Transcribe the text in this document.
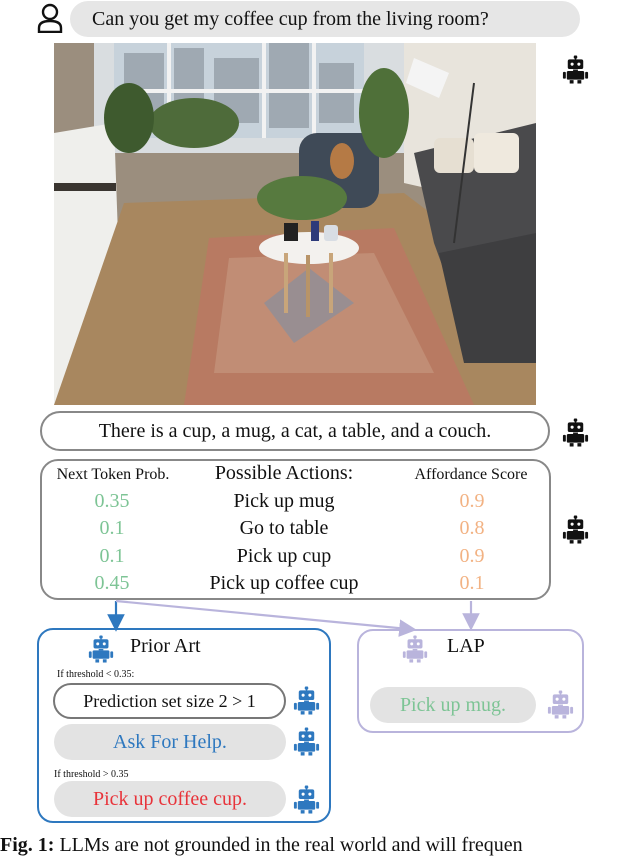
Can you get my coffee cup from the living room?
There is a cup, a mug, a cat, a table, and a couch.
Next Token Prob.	Possible Actions:	Affordance Score
0.35	Pick up mug	0.9
0.1	Go to table	0.8
0.1	Pick up cup	0.9
0.45	Pick up coffee cup	0.1
Prior Art
If threshold < 0.35:
Prediction set size 2 > 1
Ask For Help.
If threshold > 0.35
Pick up coffee cup.
LAP
Pick up mug.
Fig. 1: LLMs are not grounded in the real world and will frequen
